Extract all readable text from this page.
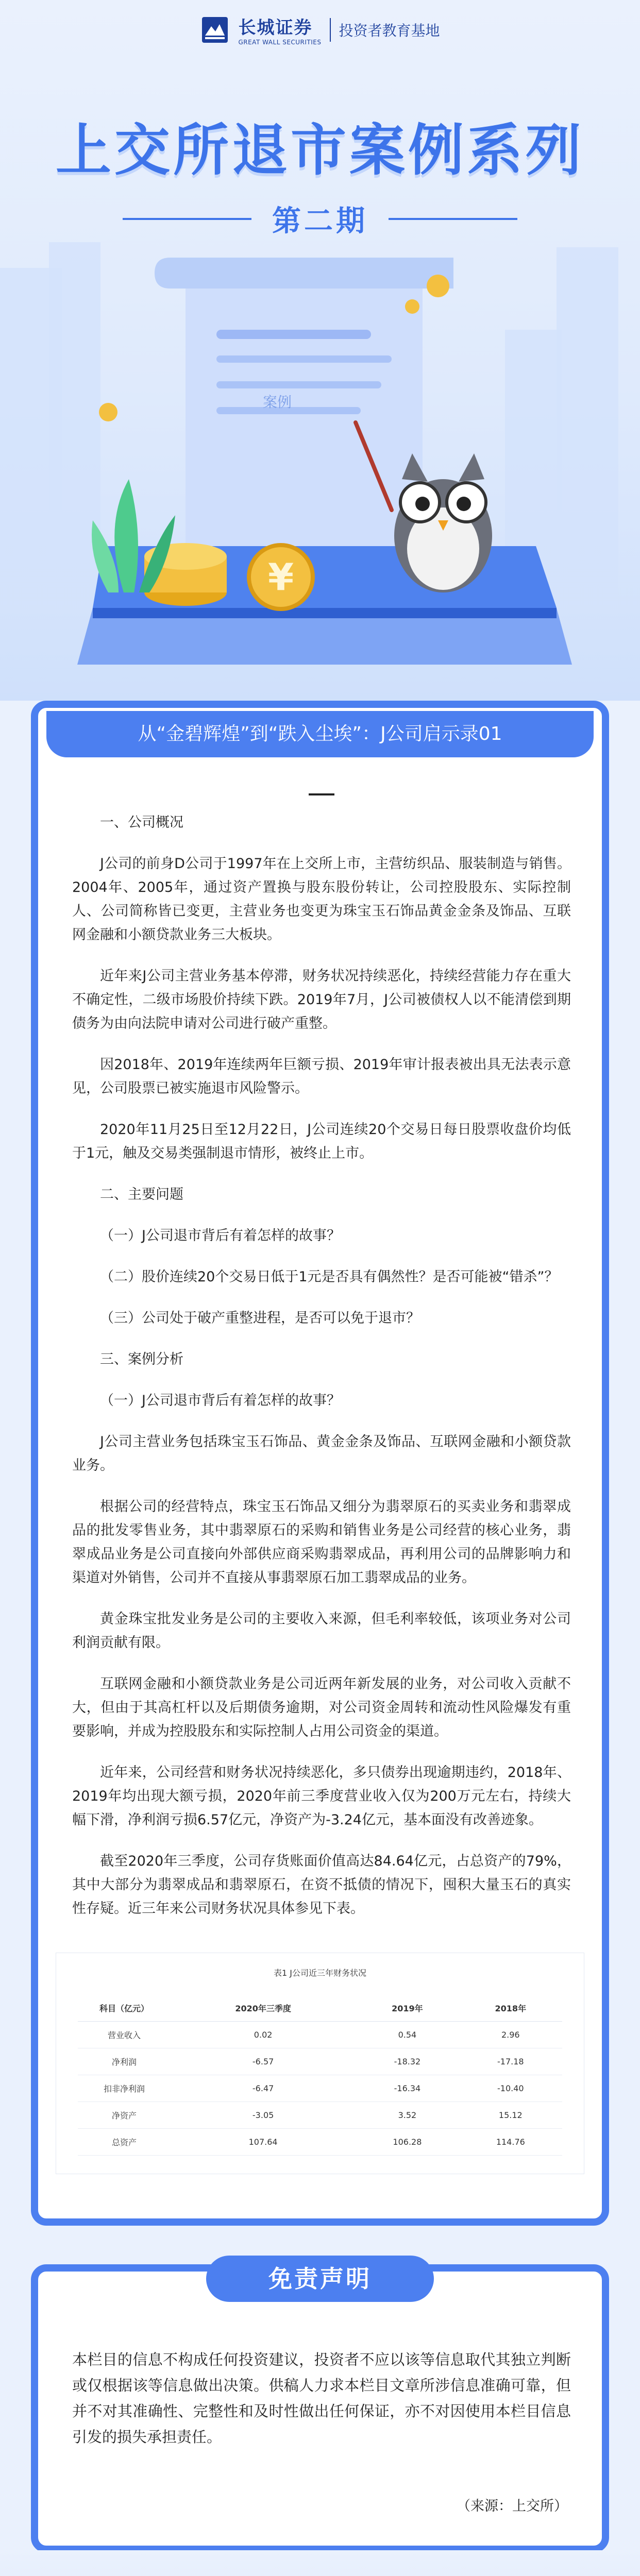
长城证券
GREAT WALL SECURITIES
投资者教育基地
上交所退市案例系列
第二期
案例
¥
从“金碧辉煌”到“跌入尘埃”：J公司启示录01

一、公司概况

J公司的前身D公司于1997年在上交所上市，主营纺织品、服装制造与销售。2004年、2005年，通过资产置换与股东股份转让，公司控股股东、实际控制人、公司简称皆已变更，主营业务也变更为珠宝玉石饰品黄金金条及饰品、互联网金融和小额贷款业务三大板块。

近年来J公司主营业务基本停滞，财务状况持续恶化，持续经营能力存在重大不确定性，二级市场股价持续下跌。2019年7月，J公司被债权人以不能清偿到期债务为由向法院申请对公司进行破产重整。

因2018年、2019年连续两年巨额亏损、2019年审计报表被出具无法表示意见，公司股票已被实施退市风险警示。

2020年11月25日至12月22日，J公司连续20个交易日每日股票收盘价均低于1元，触及交易类强制退市情形，被终止上市。

二、主要问题

（一）J公司退市背后有着怎样的故事？

（二）股价连续20个交易日低于1元是否具有偶然性？是否可能被“错杀”？

（三）公司处于破产重整进程，是否可以免于退市？

三、案例分析

（一）J公司退市背后有着怎样的故事？

J公司主营业务包括珠宝玉石饰品、黄金金条及饰品、互联网金融和小额贷款业务。

根据公司的经营特点，珠宝玉石饰品又细分为翡翠原石的买卖业务和翡翠成品的批发零售业务，其中翡翠原石的采购和销售业务是公司经营的核心业务，翡翠成品业务是公司直接向外部供应商采购翡翠成品，再利用公司的品牌影响力和渠道对外销售，公司并不直接从事翡翠原石加工翡翠成品的业务。

黄金珠宝批发业务是公司的主要收入来源，但毛利率较低，该项业务对公司利润贡献有限。

互联网金融和小额贷款业务是公司近两年新发展的业务，对公司收入贡献不大，但由于其高杠杆以及后期债务逾期，对公司资金周转和流动性风险爆发有重要影响，并成为控股股东和实际控制人占用公司资金的渠道。

近年来，公司经营和财务状况持续恶化，多只债券出现逾期违约，2018年、2019年均出现大额亏损，2020年前三季度营业收入仅为200万元左右，持续大幅下滑，净利润亏损6.57亿元，净资产为-3.24亿元，基本面没有改善迹象。

截至2020年三季度，公司存货账面价值高达84.64亿元，占总资产的79%，其中大部分为翡翠成品和翡翠原石，在资不抵债的情况下，囤积大量玉石的真实性存疑。近三年来公司财务状况具体参见下表。

表1 J公司近三年财务状况
科目（亿元）	2020年三季度	2019年	2018年
营业收入	0.02	0.54	2.96
净利润	-6.57	-18.32	-17.18
扣非净利润	-6.47	-16.34	-10.40
净资产	-3.05	3.52	15.12
总资产	107.64	106.28	114.76
免责声明

本栏目的信息不构成任何投资建议，投资者不应以该等信息取代其独立判断或仅根据该等信息做出决策。供稿人力求本栏目文章所涉信息准确可靠，但并不对其准确性、完整性和及时性做出任何保证，亦不对因使用本栏目信息引发的损失承担责任。

（来源：上交所）
